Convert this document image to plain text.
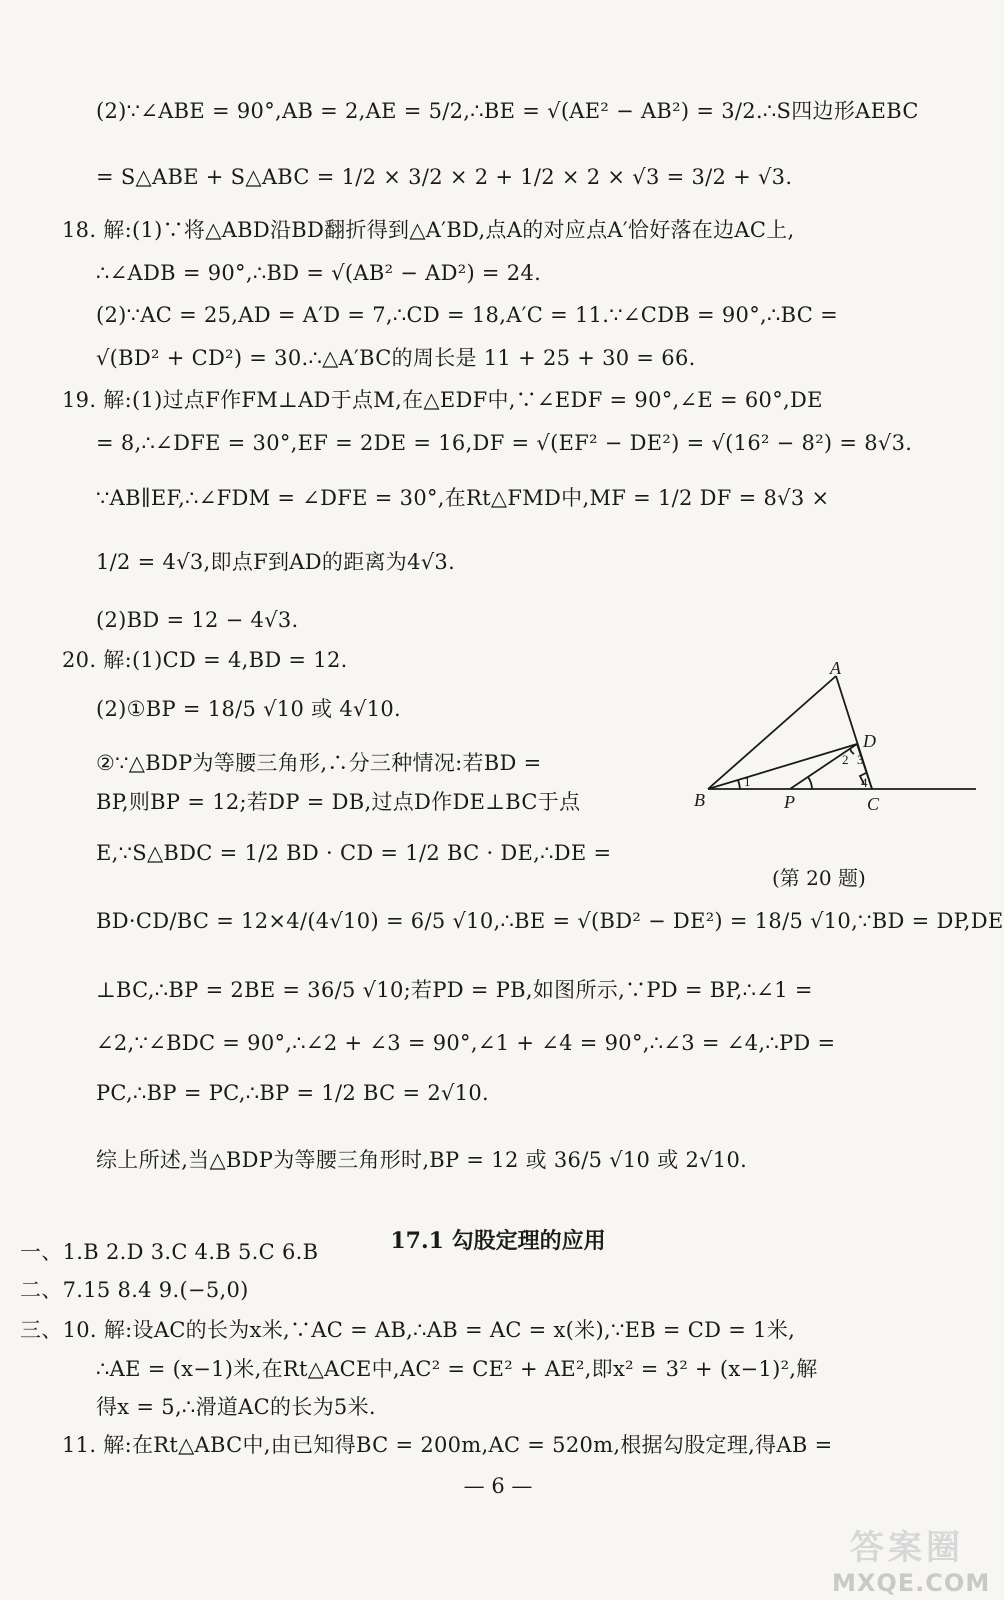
(2)∵∠ABE = 90°,AB = 2,AE = 5/2,∴BE = √(AE² − AB²) = 3/2.∴S四边形AEBC
= S△ABE + S△ABC = 1/2 × 3/2 × 2 + 1/2 × 2 × √3 = 3/2 + √3.
18. 解:(1)∵将△ABD沿BD翻折得到△A′BD,点A的对应点A′恰好落在边AC上,
∴∠ADB = 90°,∴BD = √(AB² − AD²) = 24.
(2)∵AC = 25,AD = A′D = 7,∴CD = 18,A′C = 11.∵∠CDB = 90°,∴BC =
√(BD² + CD²) = 30.∴△A′BC的周长是 11 + 25 + 30 = 66.
19. 解:(1)过点F作FM⊥AD于点M,在△EDF中,∵∠EDF = 90°,∠E = 60°,DE
= 8,∴∠DFE = 30°,EF = 2DE = 16,DF = √(EF² − DE²) = √(16² − 8²) = 8√3.
∵AB∥EF,∴∠FDM = ∠DFE = 30°,在Rt△FMD中,MF = 1/2 DF = 8√3 ×
1/2 = 4√3,即点F到AD的距离为4√3.
(2)BD = 12 − 4√3.
20. 解:(1)CD = 4,BD = 12.
(2)①BP = 18/5 √10 或 4√10.
②∵△BDP为等腰三角形,∴分三种情况:若BD =
BP,则BP = 12;若DP = DB,过点D作DE⊥BC于点
E,∵S△BDC = 1/2 BD · CD = 1/2 BC · DE,∴DE =
BD·CD/BC = 12×4/(4√10) = 6/5 √10,∴BE = √(BD² − DE²) = 18/5 √10,∵BD = DP,DE
⊥BC,∴BP = 2BE = 36/5 √10;若PD = PB,如图所示,∵PD = BP,∴∠1 =
∠2,∵∠BDC = 90°,∴∠2 + ∠3 = 90°,∠1 + ∠4 = 90°,∴∠3 = ∠4,∴PD =
PC,∴BP = PC,∴BP = 1/2 BC = 2√10.
综上所述,当△BDP为等腰三角形时,BP = 12 或 36/5 √10 或 2√10.
17.1 勾股定理的应用
一、1.B 2.D 3.C 4.B 5.C 6.B
二、7.15 8.4 9.(−5,0)
三、10. 解:设AC的长为x米,∵AC = AB,∴AB = AC = x(米),∵EB = CD = 1米,
∴AE = (x−1)米,在Rt△ACE中,AC² = CE² + AE²,即x² = 3² + (x−1)²,解
得x = 5,∴滑道AC的长为5米.
11. 解:在Rt△ABC中,由已知得BC = 200m,AC = 520m,根据勾股定理,得AB =
A
B	C
D
P
1
2 3
4
(第 20 题)
— 6 —
答案圈
MXQE.COM
